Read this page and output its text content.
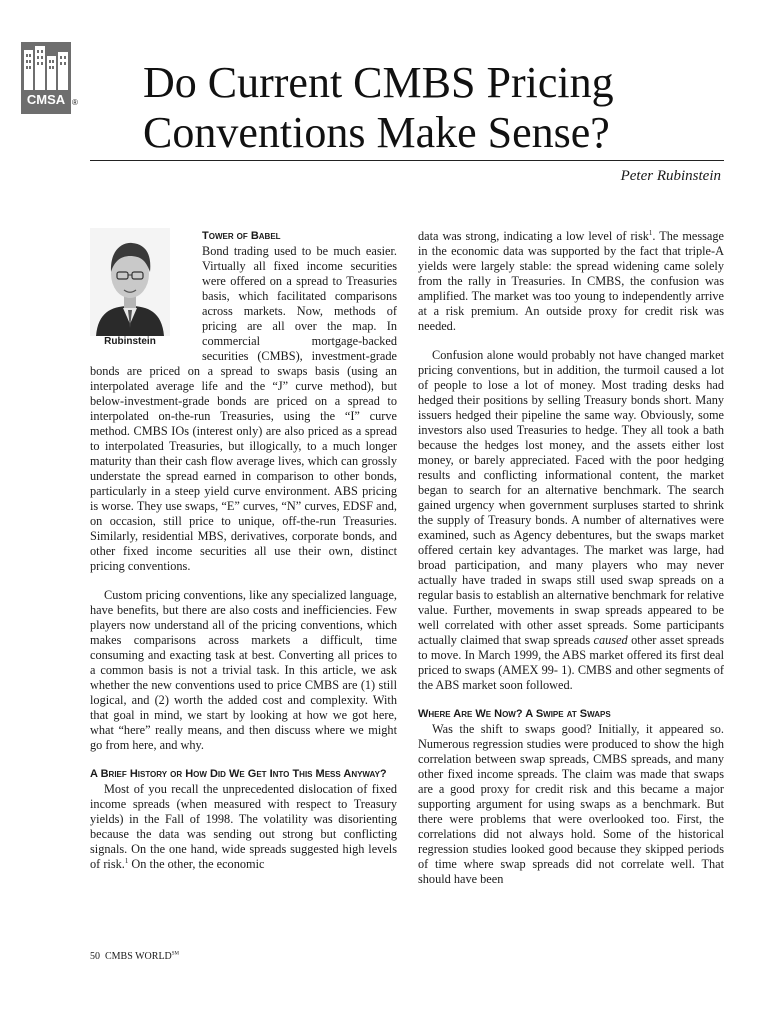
CMSA ® Do Current CMBS Pricing
Conventions Make Sense?
Peter Rubinstein
Rubinstein

Tower of Babel

Bond trading used to be much easier. Virtually all fixed income securities were offered on a spread to Treasuries basis, which facilitated comparisons across markets. Now, methods of pricing are all over the map. In commercial mortgage-backed securities (CMBS), investment-grade bonds are priced on a spread to swaps basis (using an interpolated average life and the “J” curve method), but below-investment-grade bonds are priced on a spread to interpolated on-the-run Treasuries, using the “I” curve method. CMBS IOs (interest only) are also priced as a spread to interpolated Treasuries, but illogically, to a much longer maturity than their cash flow average lives, which can grossly understate the spread earned in comparison to other bonds, particularly in a steep yield curve environment. ABS pricing is worse. They use swaps, “E” curves, “N” curves, EDSF and, on occasion, still price to unique, off-the-run Treasuries. Similarly, residential MBS, derivatives, corporate bonds, and other fixed income securities all use their own, distinct pricing conventions.

Custom pricing conventions, like any specialized language, have benefits, but there are also costs and inefficiencies. Few players now understand all of the pricing conventions, which makes comparisons across markets a difficult, time consuming and exacting task at best. Converting all prices to a common basis is not a trivial task. In this article, we ask whether the new conventions used to price CMBS are (1) still logical, and (2) worth the added cost and complexity. With that goal in mind, we start by looking at how we got here, what “here” really means, and then discuss where we might go from here, and why.

A Brief History or How Did We Get Into This Mess Anyway?

Most of you recall the unprecedented dislocation of fixed income spreads (when measured with respect to Treasury yields) in the Fall of 1998. The volatility was disorienting because the data was sending out strong but conflicting signals. On the one hand, wide spreads suggested high levels of risk.$^1$ On the other, the economic

data was strong, indicating a low level of risk$^1$. The message in the economic data was supported by the fact that triple-A yields were largely stable: the spread widening came solely from the rally in Treasuries. In CMBS, the confusion was amplified. The market was too young to independently arrive at a risk premium. An outside proxy for credit risk was needed.

Confusion alone would probably not have changed market pricing conventions, but in addition, the turmoil caused a lot of people to lose a lot of money. Most trading desks had hedged their positions by selling Treasury bonds short. Many issuers hedged their pipeline the same way. Obviously, some investors also used Treasuries to hedge. They all took a bath because the hedges lost money, and the assets either lost money, or barely appreciated. Faced with the poor hedging results and conflicting informational content, the market began to search for an alternative benchmark. The search gained urgency when government surpluses started to shrink the supply of Treasury bonds. A number of alternatives were examined, such as Agency debentures, but the swaps market offered certain key advantages. The market was large, had broad participation, and many players who may never actually have traded in swaps still used swap spreads on a regular basis to establish an alternative benchmark for relative value. Further, movements in swap spreads appeared to be well correlated with other asset spreads. Some participants actually claimed that swap spreads caused other asset spreads to move. In March 1999, the ABS market offered its first deal priced to swaps (AMEX 99- 1). CMBS and other segments of the ABS market soon followed.

Where Are We Now? A Swipe at Swaps

Was the shift to swaps good? Initially, it appeared so. Numerous regression studies were produced to show the high correlation between swap spreads, CMBS spreads, and many other fixed income spreads. The claim was made that swaps are a good proxy for credit risk and this became a major supporting argument for using swaps as a benchmark. But there were problems that were overlooked too. First, the correlations did not always hold. Some of the historical regression studies looked good because they skipped periods of time where swap spreads did not correlate well. That should have been

50 CMBS WORLD℠
